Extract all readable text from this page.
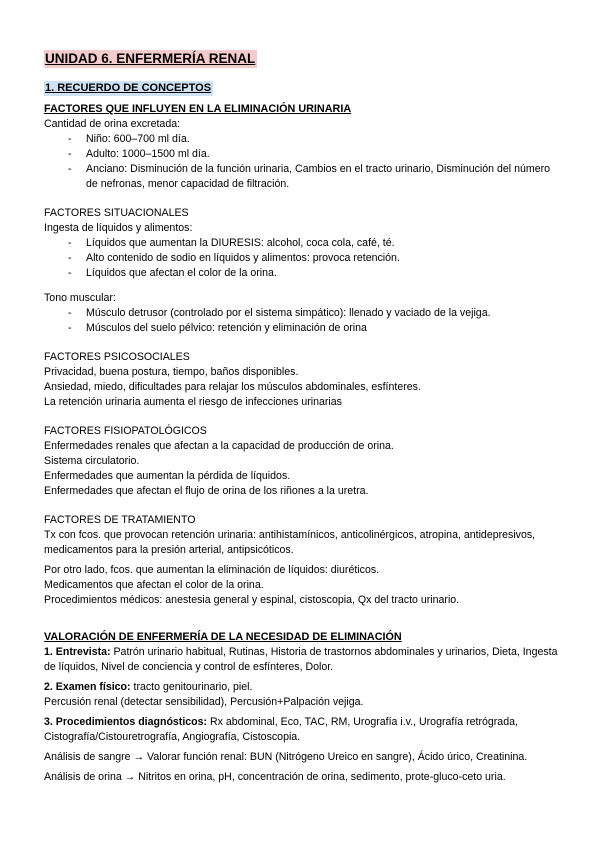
UNIDAD 6. ENFERMERÍA RENAL
1. RECUERDO DE CONCEPTOS
FACTORES QUE INFLUYEN EN LA ELIMINACIÓN URINARIA
Cantidad de orina excretada:
- Niño: 600–700 ml día.
- Adulto: 1000–1500 ml día.
- Anciano: Disminución de la función urinaria, Cambios en el tracto urinario, Disminución del número de nefronas, menor capacidad de filtración.
FACTORES SITUACIONALES
Ingesta de líquidos y alimentos:
- Líquidos que aumentan la DIURESIS: alcohol, coca cola, café, té.
- Alto contenido de sodio en líquidos y alimentos: provoca retención.
- Líquidos que afectan el color de la orina.
Tono muscular:
- Músculo detrusor (controlado por el sistema simpático): llenado y vaciado de la vejiga.
- Músculos del suelo pélvico: retención y eliminación de orina
FACTORES PSICOSOCIALES
Privacidad, buena postura, tiempo, baños disponibles.
Ansiedad, miedo, dificultades para relajar los músculos abdominales, esfínteres.
La retención urinaria aumenta el riesgo de infecciones urinarias
FACTORES FISIOPATOLÓGICOS
Enfermedades renales que afectan a la capacidad de producción de orina.
Sistema circulatorio.
Enfermedades que aumentan la pérdida de líquidos.
Enfermedades que afectan el flujo de orina de los riñones a la uretra.
FACTORES DE TRATAMIENTO
Tx con fcos. que provocan retención urinaria: antihistamínicos, anticolinérgicos, atropina, antidepresivos, medicamentos para la presión arterial, antipsicóticos.
Por otro lado, fcos. que aumentan la eliminación de líquidos: diuréticos.
Medicamentos que afectan el color de la orina.
Procedimientos médicos: anestesia general y espinal, cistoscopia, Qx del tracto urinario.
VALORACIÓN DE ENFERMERÍA DE LA NECESIDAD DE ELIMINACIÓN
1. Entrevista: Patrón urinario habitual, Rutinas, Historia de trastornos abdominales y urinarios, Dieta, Ingesta de líquidos, Nivel de conciencia y control de esfínteres, Dolor.
2. Examen físico: tracto genitourinario, piel.
Percusión renal (detectar sensibilidad), Percusión+Palpación vejiga.
3. Procedimientos diagnósticos: Rx abdominal, Eco, TAC, RM, Urografía i.v., Urografía retrógrada, Cistografía/Cistouretrografía, Angiografía, Cistoscopia.
Análisis de sangre → Valorar función renal: BUN (Nitrógeno Ureico en sangre), Ácido úrico, Creatinina.
Análisis de orina → Nitritos en orina, pH, concentración de orina, sedimento, prote-gluco-ceto uria.
